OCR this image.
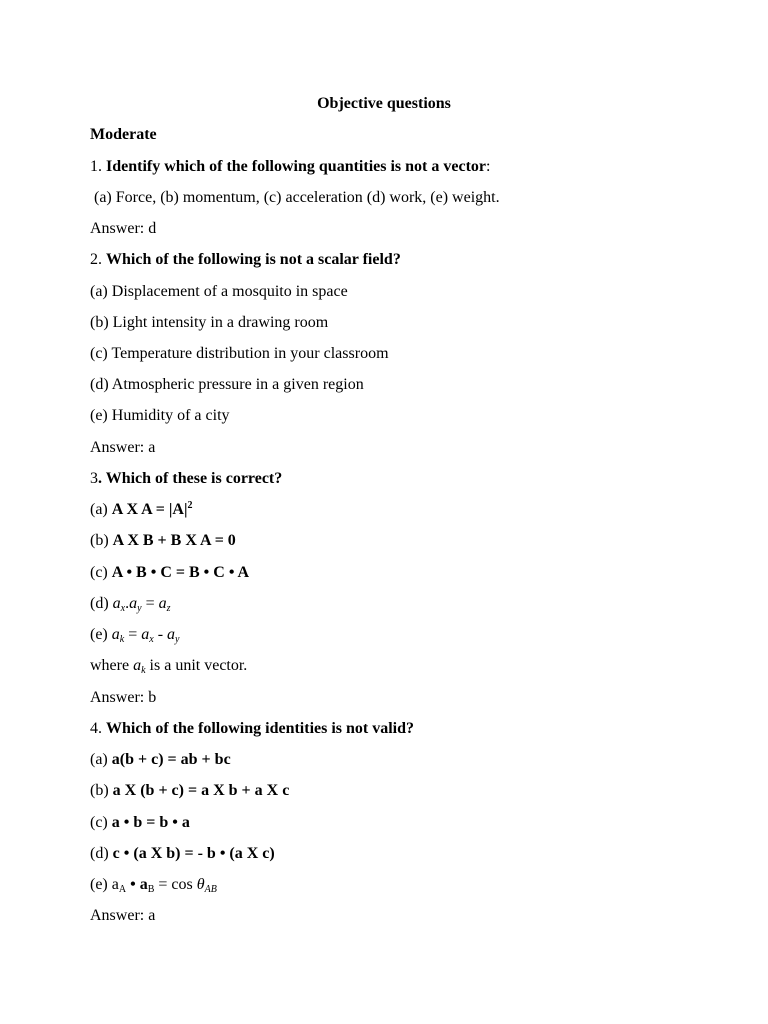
Objective questions
Moderate
1. Identify which of the following quantities is not a vector:
(a) Force, (b) momentum, (c) acceleration (d) work, (e) weight.
Answer: d
2. Which of the following is not a scalar field?
(a) Displacement of a mosquito in space
(b) Light intensity in a drawing room
(c) Temperature distribution in your classroom
(d) Atmospheric pressure in a given region
(e) Humidity of a city
Answer: a
3. Which of these is correct?
(a) A X $A = |A|^2$
(b) A X B + B X A = 0
(c) A • B • C = B • C • A
(d) $a_x.a_y = a_z$
(e) $a_k = a_x - a_y$
where $a_k$ is a unit vector.
Answer: b
4. Which of the following identities is not valid?
(a) a(b + c) = ab + bc
(b) a X (b + c) = a X b + a X c
(c) a • b = b • a
(d) c • (a X b) = - b • (a X c)
(e) $a_A$ • $a_B = \cos \theta_{AB}$
Answer: a
